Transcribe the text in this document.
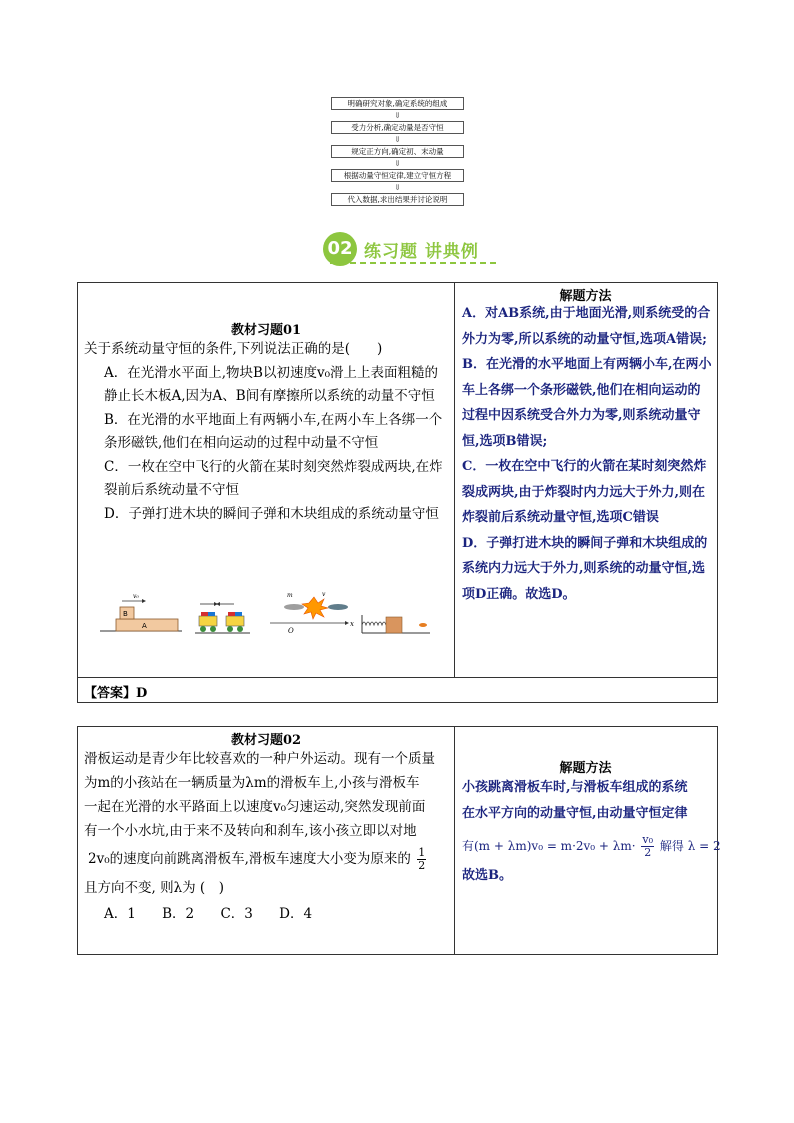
明确研究对象,确定系统的组成
⇓
受力分析,确定动量是否守恒
⇓
规定正方向,确定初、末动量
⇓
根据动量守恒定律,建立守恒方程
⇓
代入数据,求出结果并讨论说明
02 练习题 讲典例
教材习题01

关于系统动量守恒的条件,下列说法正确的是(　　)

A．在光滑水平面上,物块B以初速度v₀滑上上表面粗糙的静止长木板A,因为A、B间有摩擦所以系统的动量不守恒

B．在光滑的水平地面上有两辆小车,在两小车上各绑一个条形磁铁,他们在相向运动的过程中动量不守恒

C．一枚在空中飞行的火箭在某时刻突然炸裂成两块,在炸裂前后系统动量不守恒

D．子弹打进木块的瞬间子弹和木块组成的系统动量守恒

B
A
v₀
O
x
m	v
解题方法

A．对AB系统,由于地面光滑,则系统受的合外力为零,所以系统的动量守恒,选项A错误;

B．在光滑的水平地面上有两辆小车,在两小车上各绑一个条形磁铁,他们在相向运动的过程中因系统受合外力为零,则系统动量守恒,选项B错误;

C．一枚在空中飞行的火箭在某时刻突然炸裂成两块,由于炸裂时内力远大于外力,则在炸裂前后系统动量守恒,选项C错误

D．子弹打进木块的瞬间子弹和木块组成的系统内力远大于外力,则系统的动量守恒,选项D正确。故选D。

【答案】D
教材习题02

滑板运动是青少年比较喜欢的一种户外运动。现有一个质量

为m的小孩站在一辆质量为λm的滑板车上,小孩与滑板车

一起在光滑的水平路面上以速度v₀匀速运动,突然发现前面

有一个小水坑,由于来不及转向和刹车,该小孩立即以对地

2v₀的速度向前跳离滑板车,滑板车速度大小变为原来的 $\frac{1}{2}$

且方向不变, 则λ为 (　)

A．1 B．2 C．3 D．4

解题方法

小孩跳离滑板车时,与滑板车组成的系统

在水平方向的动量守恒,由动量守恒定律

有$(m + \lambda m)v_0 = m\cdot 2v_0 + \lambda m\cdot \frac{\text{v₀}}{2}$ 解得 λ = 2

故选B。
